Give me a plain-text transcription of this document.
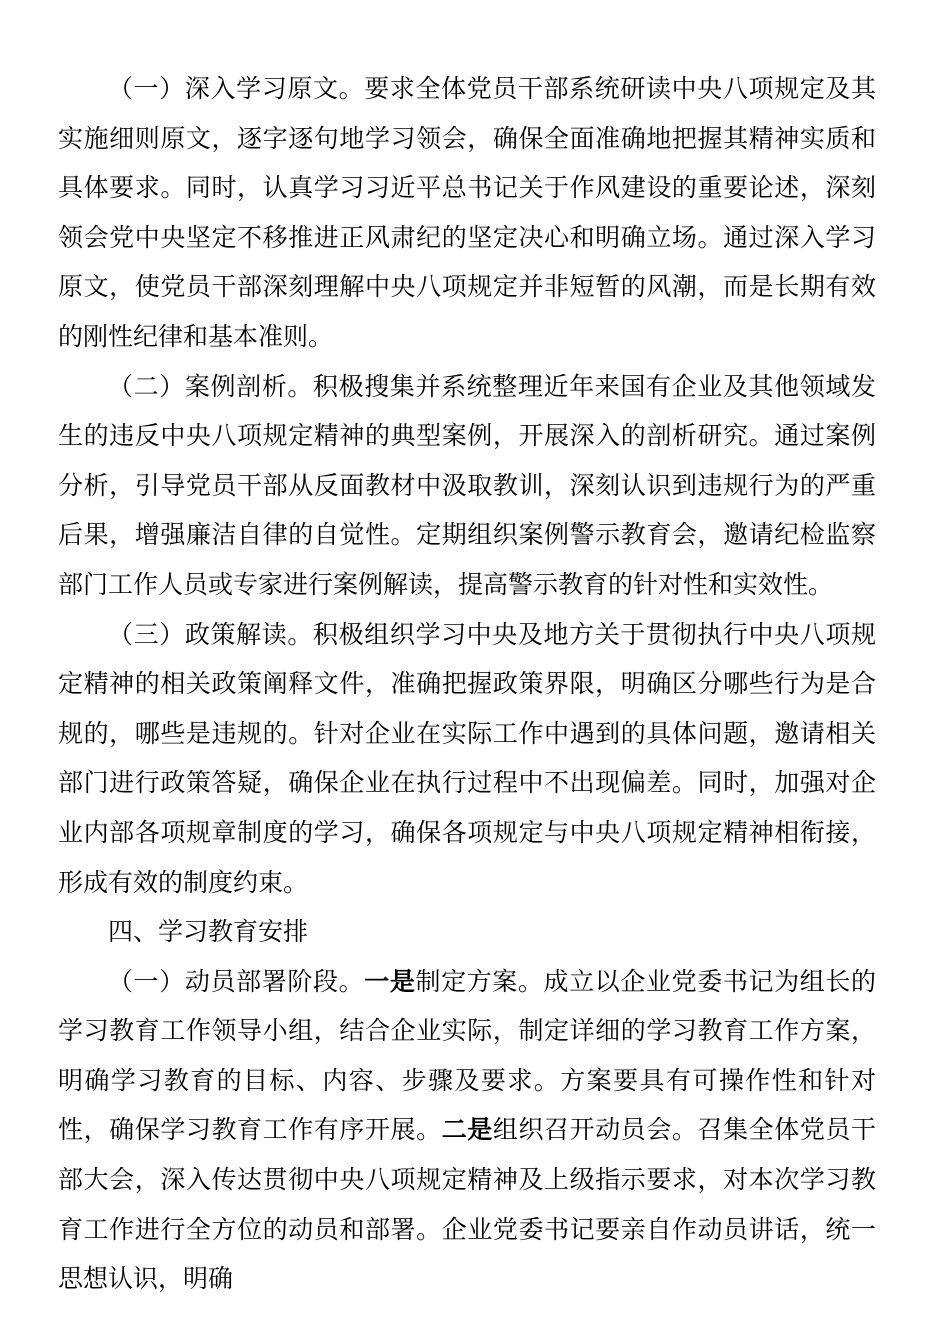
（一）深入学习原文。要求全体党员干部系统研读中央八项规定及其实施细则原文，逐字逐句地学习领会，确保全面准确地把握其精神实质和具体要求。同时，认真学习习近平总书记关于作风建设的重要论述，深刻领会党中央坚定不移推进正风肃纪的坚定决心和明确立场。通过深入学习原文，使党员干部深刻理解中央八项规定并非短暂的风潮，而是长期有效的刚性纪律和基本准则。

（二）案例剖析。积极搜集并系统整理近年来国有企业及其他领域发生的违反中央八项规定精神的典型案例，开展深入的剖析研究。通过案例分析，引导党员干部从反面教材中汲取教训，深刻认识到违规行为的严重后果，增强廉洁自律的自觉性。定期组织案例警示教育会，邀请纪检监察部门工作人员或专家进行案例解读，提高警示教育的针对性和实效性。

（三）政策解读。积极组织学习中央及地方关于贯彻执行中央八项规定精神的相关政策阐释文件，准确把握政策界限，明确区分哪些行为是合规的，哪些是违规的。针对企业在实际工作中遇到的具体问题，邀请相关部门进行政策答疑，确保企业在执行过程中不出现偏差。同时，加强对企业内部各项规章制度的学习，确保各项规定与中央八项规定精神相衔接，形成有效的制度约束。

四、学习教育安排

（一）动员部署阶段。一是制定方案。成立以企业党委书记为组长的学习教育工作领导小组，结合企业实际，制定详细的学习教育工作方案，明确学习教育的目标、内容、步骤及要求。方案要具有可操作性和针对性，确保学习教育工作有序开展。二是组织召开动员会。召集全体党员干部大会，深入传达贯彻中央八项规定精神及上级指示要求，对本次学习教育工作进行全方位的动员和部署。企业党委书记要亲自作动员讲话，统一思想认识，明确
